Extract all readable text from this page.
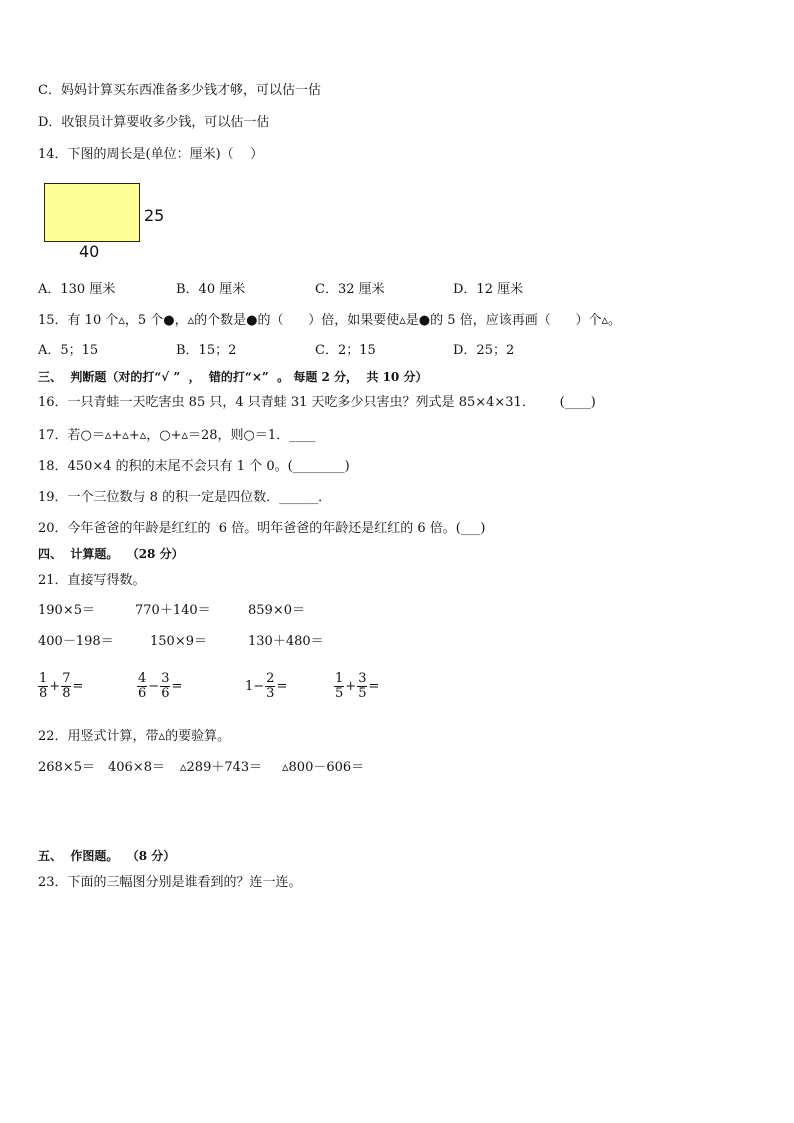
C．妈妈计算买东西准备多少钱才够，可以估一估
D．收银员计算要收多少钱，可以估一估
14．下图的周长是(单位：厘米)（    ）
25
40
A．130 厘米	B．40 厘米	C．32 厘米	D．12 厘米
15．有 10 个▵，5 个●，▵的个数是●的（      ）倍，如果要使▵是●的 5 倍，应该再画（      ）个▵。
A．5；15	B．15；2	C．2；15	D．25；2
三、  判断题（对的打“√ ”  ，  错的打“×”  。 每题 2 分，  共 10 分）
16．一只青蛙一天吃害虫 85 只，4 只青蛙 31 天吃多少只害虫？列式是 85×4×31．      (____)
17．若○＝▵+▵+▵，○+▵＝28，则○＝1．____
18．450×4 的积的末尾不会只有 1 个 0。(________)
19．一个三位数与 8 的积一定是四位数．______．
20．今年爸爸的年龄是红红的  6 倍。明年爸爸的年龄还是红红的 6 倍。(___)
四、  计算题。  （28 分）
21．直接写得数。
190×5＝	770＋140＝	859×0＝
400－198＝	150×9＝	130＋480＝
$\frac{1}{8} + \frac{7}{8}$ =	$\frac{4}{6} - \frac{3}{6}$ =	$1- \frac{2}{3}$ =	$\frac{1}{5} + \frac{3}{5}$ =
22．用竖式计算，带▵的要验算。
268×5＝ 406×8＝ ▵289＋743＝ ▵800－606＝
五、  作图题。  （8 分）
23．下面的三幅图分别是谁看到的？连一连。
